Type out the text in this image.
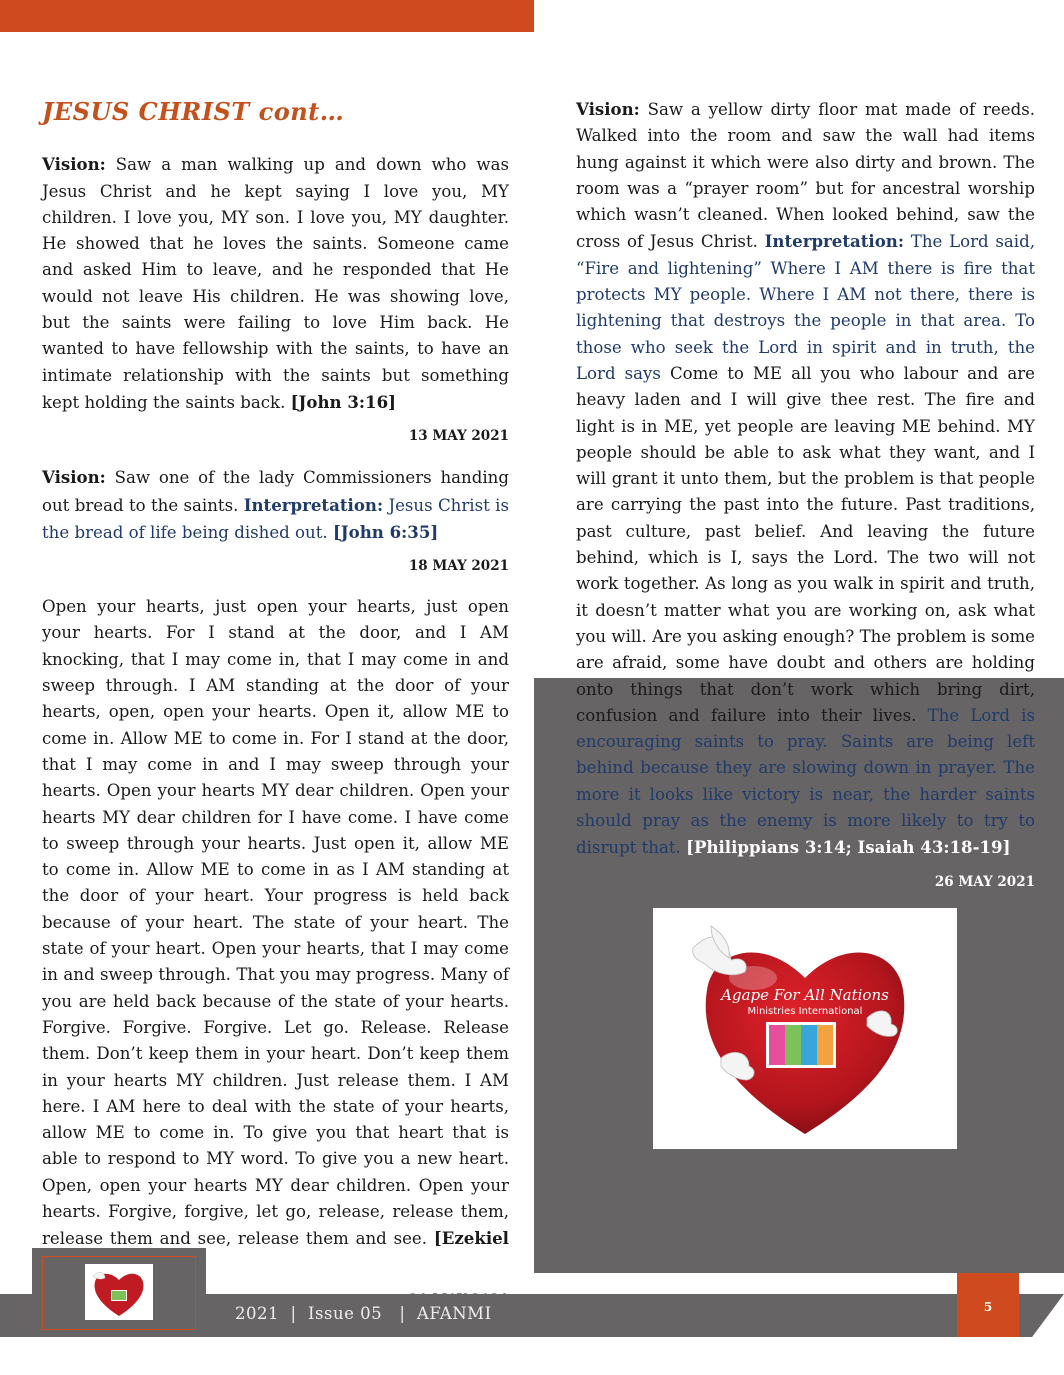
JESUS CHRIST cont…

Vision: Saw a man walking up and down who was Jesus Christ and he kept saying I love you, MY children. I love you, MY son. I love you, MY daughter. He showed that he loves the saints. Someone came and asked Him to leave, and he responded that He would not leave His children. He was showing love, but the saints were failing to love Him back. He wanted to have fellowship with the saints, to have an intimate relationship with the saints but something kept holding the saints back. [John 3:16]

13 MAY 2021

Vision: Saw one of the lady Commissioners handing out bread to the saints. Interpretation: Jesus Christ is the bread of life being dished out. [John 6:35]

18 MAY 2021

Open your hearts, just open your hearts, just open your hearts. For I stand at the door, and I AM knocking, that I may come in, that I may come in and sweep through. I AM standing at the door of your hearts, open, open your hearts. Open it, allow ME to come in. Allow ME to come in. For I stand at the door, that I may come in and I may sweep through your hearts. Open your hearts MY dear children. Open your hearts MY dear children for I have come. I have come to sweep through your hearts. Just open it, allow ME to come in. Allow ME to come in as I AM standing at the door of your heart. Your progress is held back because of your heart. The state of your heart. The state of your heart. Open your hearts, that I may come in and sweep through. That you may progress. Many of you are held back because of the state of your hearts. Forgive. Forgive. Forgive. Let go. Release. Release them. Don’t keep them in your heart. Don’t keep them in your hearts MY children. Just release them. I AM here. I AM here to deal with the state of your hearts, allow ME to come in. To give you that heart that is able to respond to MY word. To give you a new heart. Open, open your hearts MY dear children. Open your hearts. Forgive, forgive, let go, release, release them, release them and see, release them and see. [Ezekiel

Vision: Saw a yellow dirty floor mat made of reeds. Walked into the room and saw the wall had items hung against it which were also dirty and brown. The room was a “prayer room” but for ancestral worship which wasn’t cleaned. When looked behind, saw the cross of Jesus Christ. Interpretation: The Lord said, “Fire and lightening” Where I AM there is fire that protects MY people. Where I AM not there, there is lightening that destroys the people in that area. To those who seek the Lord in spirit and in truth, the Lord says Come to ME all you who labour and are heavy laden and I will give thee rest. The fire and light is in ME, yet people are leaving ME behind. MY people should be able to ask what they want, and I will grant it unto them, but the problem is that people are carrying the past into the future. Past traditions, past culture, past belief. And leaving the future behind, which is I, says the Lord. The two will not work together. As long as you walk in spirit and truth, it doesn’t matter what you are working on, ask what you will. Are you asking enough? The problem is some are afraid, some have doubt and others are holding onto things that don’t work which bring dirt, confusion and failure into their lives. The Lord is encouraging saints to pray. Saints are being left behind because they are slowing down in prayer. The more it looks like victory is near, the harder saints should pray as the enemy is more likely to try to disrupt that. [Philippians 3:14; Isaiah 43:18-19]

26 MAY 2021

Agape For All Nations
Ministries International
2021  |  Issue 05   |  AFANMI	5
